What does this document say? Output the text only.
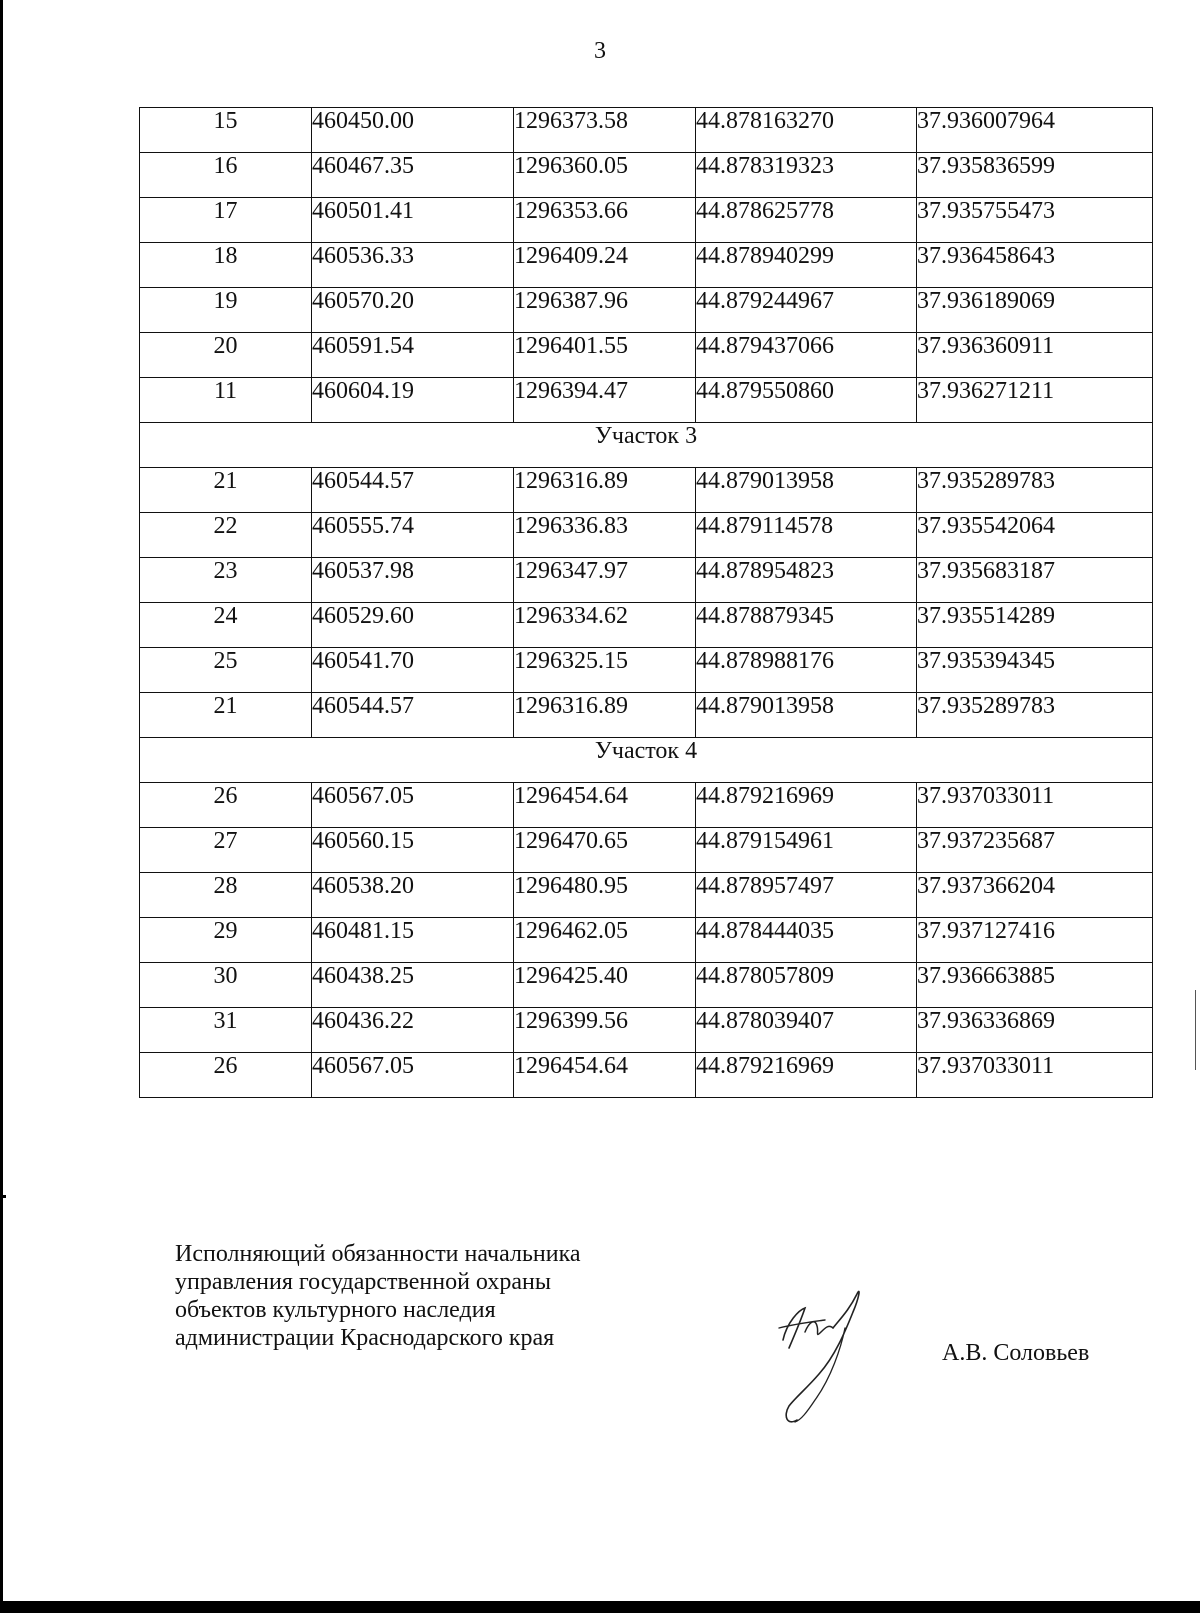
3
15	460450.00	1296373.58	44.878163270	37.936007964
16	460467.35	1296360.05	44.878319323	37.935836599
17	460501.41	1296353.66	44.878625778	37.935755473
18	460536.33	1296409.24	44.878940299	37.936458643
19	460570.20	1296387.96	44.879244967	37.936189069
20	460591.54	1296401.55	44.879437066	37.936360911
11	460604.19	1296394.47	44.879550860	37.936271211
Участок 3				
21	460544.57	1296316.89	44.879013958	37.935289783
22	460555.74	1296336.83	44.879114578	37.935542064
23	460537.98	1296347.97	44.878954823	37.935683187
24	460529.60	1296334.62	44.878879345	37.935514289
25	460541.70	1296325.15	44.878988176	37.935394345
21	460544.57	1296316.89	44.879013958	37.935289783
Участок 4				
26	460567.05	1296454.64	44.879216969	37.937033011
27	460560.15	1296470.65	44.879154961	37.937235687
28	460538.20	1296480.95	44.878957497	37.937366204
29	460481.15	1296462.05	44.878444035	37.937127416
30	460438.25	1296425.40	44.878057809	37.936663885
31	460436.22	1296399.56	44.878039407	37.936336869
26	460567.05	1296454.64	44.879216969	37.937033011
Исполняющий обязанности начальника
управления государственной охраны
объектов культурного наследия
администрации Краснодарского края
А.В. Соловьев
